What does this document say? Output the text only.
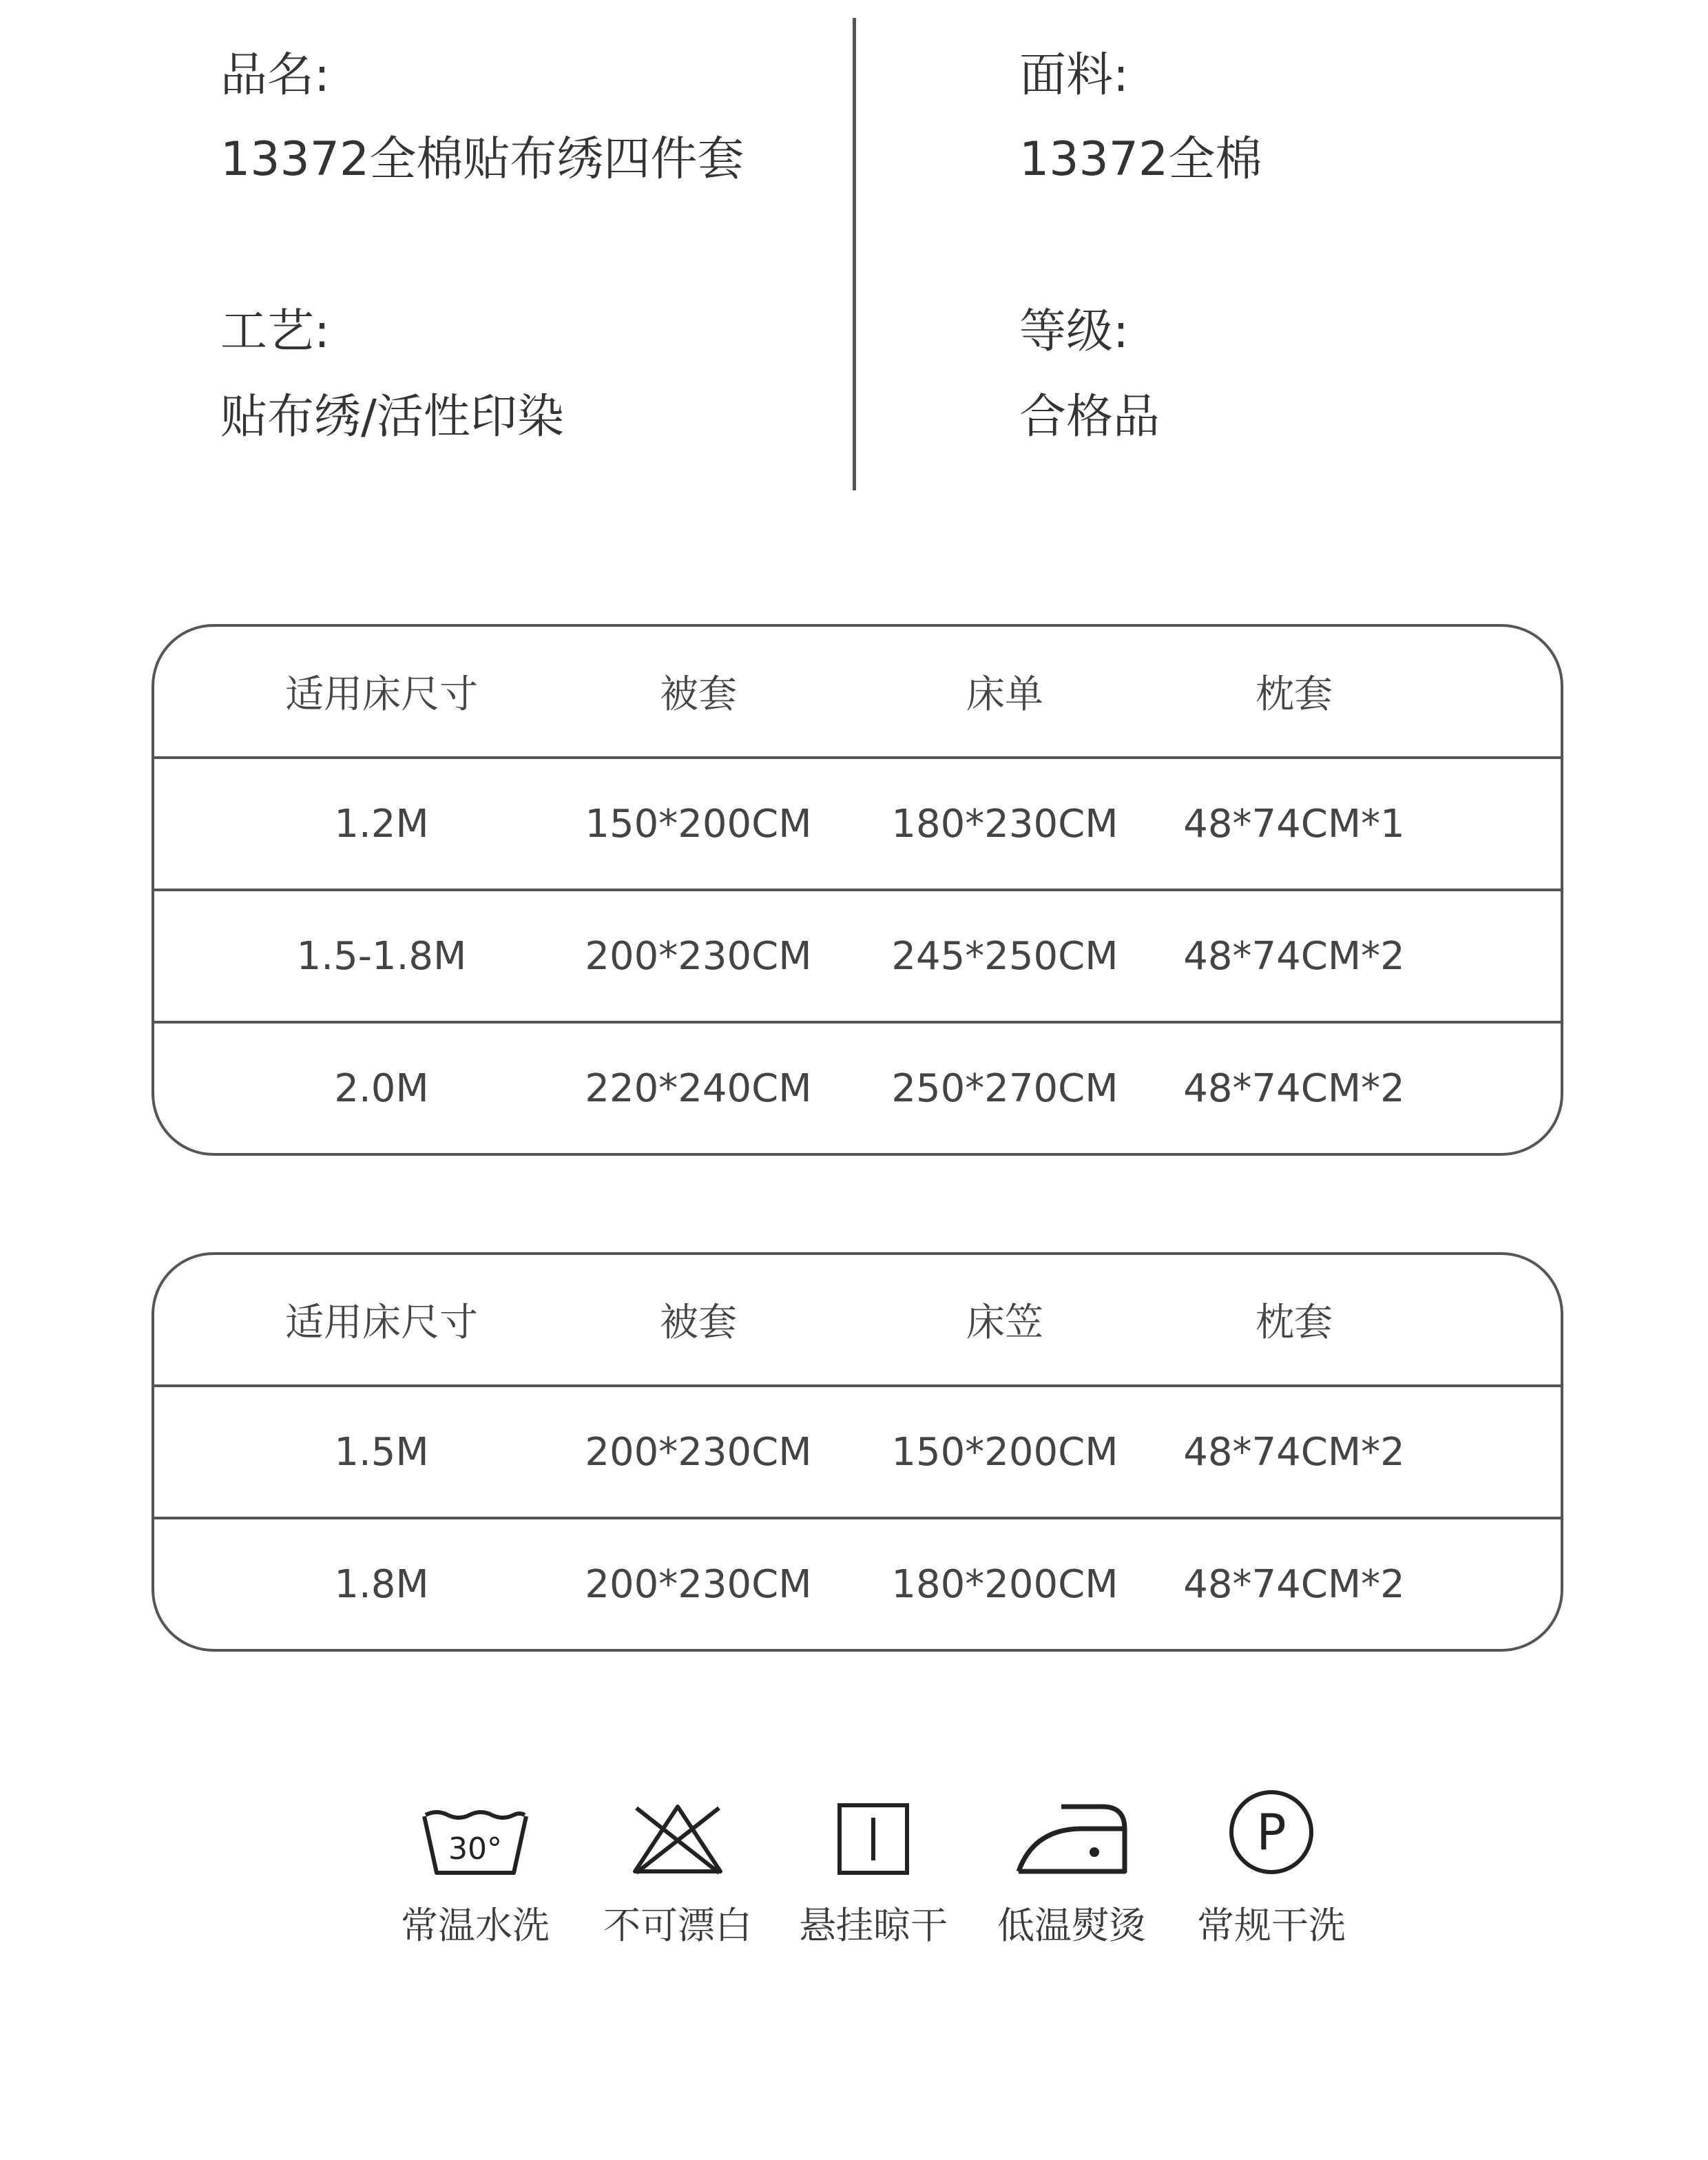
品名:
13372全棉贴布绣四件套
面料:
13372全棉
工艺:
贴布绣/活性印染
等级:
合格品
适用床尺寸	被套	床单	枕套
1.2M	150*200CM	180*230CM	48*74CM*1
1.5-1.8M	200*230CM	245*250CM	48*74CM*2
2.0M	220*240CM	250*270CM	48*74CM*2
适用床尺寸	被套	床笠	枕套
1.5M	200*230CM	150*200CM	48*74CM*2
1.8M	200*230CM	180*200CM	48*74CM*2
30°
常温水洗	不可漂白	悬挂晾干	低温熨烫
P
常规干洗
